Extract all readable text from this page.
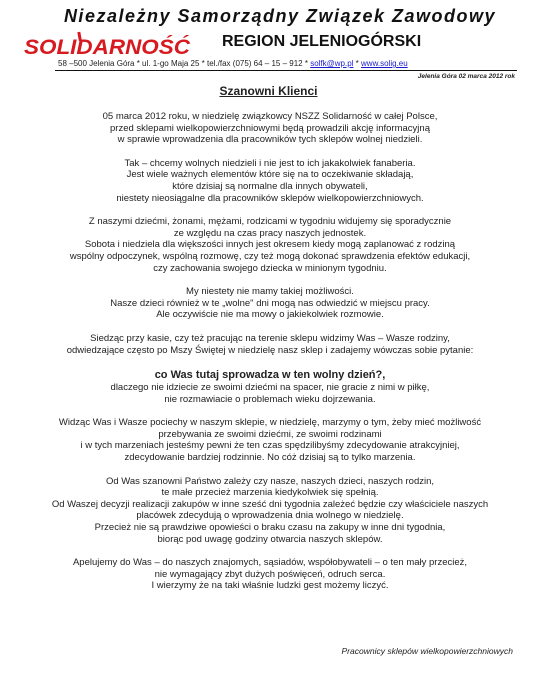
Niezależny Samorządny Związek Zawodowy
SOLIDARNOŚĆ	REGION JELENIOGÓRSKI
58 –500 Jelenia Góra * ul. 1-go Maja 25 * tel./fax (075) 64 – 15 – 912 * solfk@wp.pl * www.solig.eu
Jelenia Góra 02 marca 2012 rok
Szanowni Klienci
05 marca 2012 roku, w niedzielę związkowcy NSZZ Solidarność w całej Polsce,
przed sklepami wielkopowierzchniowymi będą prowadzili akcję informacyjną
w sprawie wprowadzenia dla pracowników tych sklepów wolnej niedzieli.
Tak – chcemy wolnych niedzieli i nie jest to ich jakakolwiek fanaberia.
Jest wiele ważnych elementów które się na to oczekiwanie składają,
które dzisiaj są normalne dla innych obywateli,
niestety nieosiągalne dla pracowników sklepów wielkopowierzchniowych.
Z naszymi dziećmi, żonami, mężami, rodzicami w tygodniu widujemy się sporadycznie
ze względu na czas pracy naszych jednostek.
Sobota i niedziela dla większości innych jest okresem kiedy mogą zaplanować z rodziną
wspólny odpoczynek, wspólną rozmowę, czy też mogą dokonać sprawdzenia efektów edukacji,
czy zachowania swojego dziecka w minionym tygodniu.
My niestety nie mamy takiej możliwości.
Nasze dzieci również w te „wolne" dni mogą nas odwiedzić w miejscu pracy.
Ale oczywiście nie ma mowy o jakiekolwiek rozmowie.
Siedząc przy kasie, czy też pracując na terenie sklepu widzimy Was – Wasze rodziny,
odwiedzające często po Mszy Świętej w niedzielę nasz sklep i zadajemy wówczas sobie pytanie:
co Was tutaj sprowadza w ten wolny dzień?,
dlaczego nie idziecie ze swoimi dziećmi na spacer, nie gracie z nimi w piłkę,
nie rozmawiacie o problemach wieku dojrzewania.
Widząc Was i Wasze pociechy w naszym sklepie, w niedzielę, marzymy o tym, żeby mieć możliwość
przebywania ze swoimi dziećmi, ze swoimi rodzinami
i w tych marzeniach jesteśmy pewni że ten czas spędzilibyśmy zdecydowanie atrakcyjniej,
zdecydowanie bardziej rodzinnie. No cóż dzisiaj są to tylko marzenia.
Od Was szanowni Państwo zależy czy nasze, naszych dzieci, naszych rodzin,
te małe przecież marzenia kiedykolwiek się spełnią.
Od Waszej decyzji realizacji zakupów w inne sześć dni tygodnia zależeć będzie czy właściciele naszych
placówek zdecydują o wprowadzenia dnia wolnego w niedzielę.
Przecież nie są prawdziwe opowieści o braku czasu na zakupy w inne dni tygodnia,
biorąc pod uwagę godziny otwarcia naszych sklepów.
Apelujemy do Was – do naszych znajomych, sąsiadów, współobywateli – o ten mały przecież,
nie wymagający zbyt dużych poświęceń, odruch serca.
I wierzymy że na taki właśnie ludzki gest możemy liczyć.
Pracownicy sklepów wielkopowierzchniowych
